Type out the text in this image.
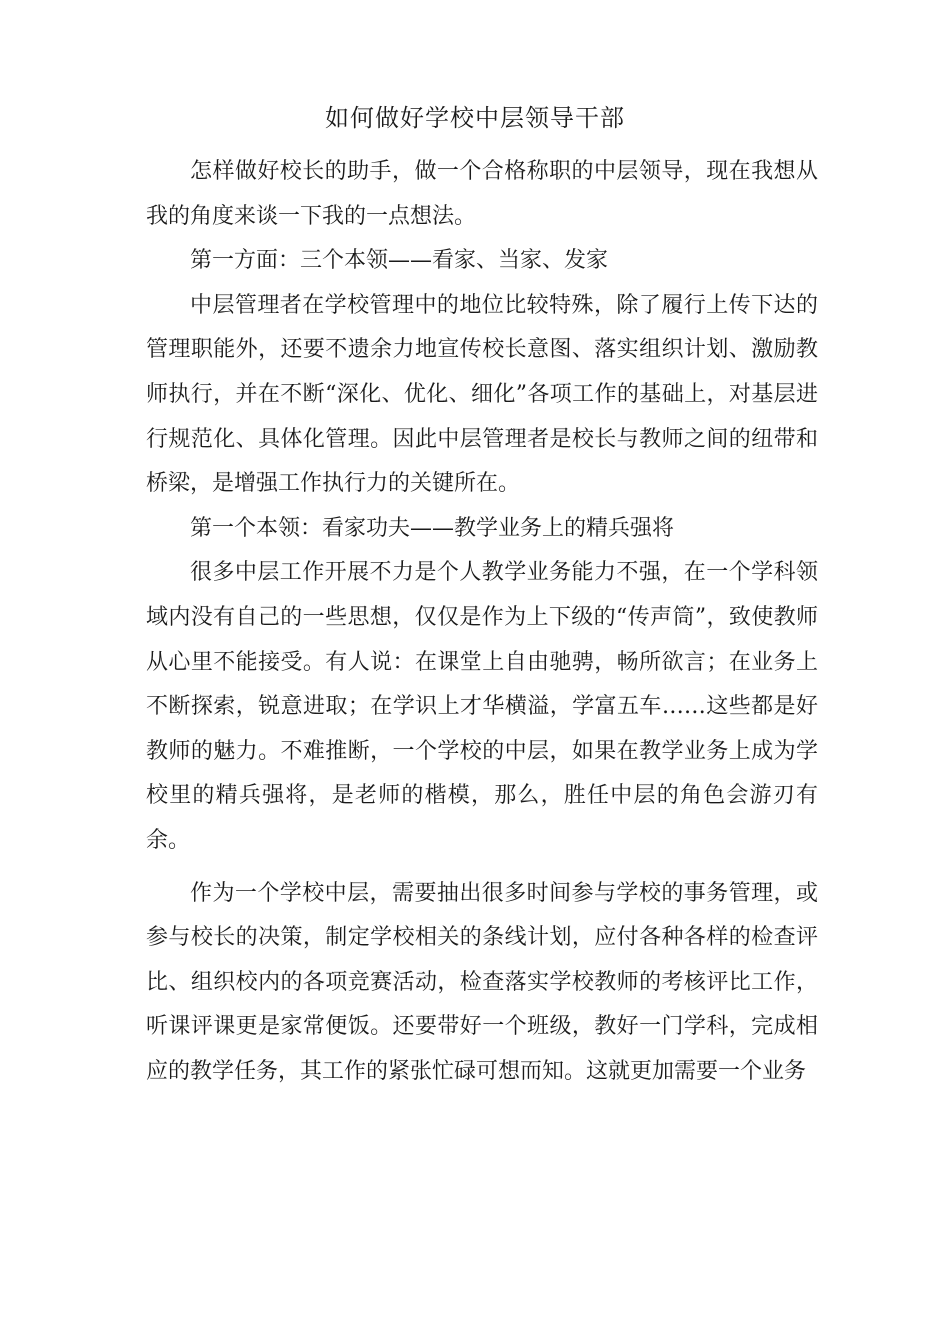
如何做好学校中层领导干部

怎样做好校长的助手，做一个合格称职的中层领导，现在我想从我的角度来谈一下我的一点想法。

第一方面：三个本领——看家、当家、发家

中层管理者在学校管理中的地位比较特殊，除了履行上传下达的管理职能外，还要不遗余力地宣传校长意图、落实组织计划、激励教师执行，并在不断“深化、优化、细化”各项工作的基础上，对基层进行规范化、具体化管理。因此中层管理者是校长与教师之间的纽带和桥梁，是增强工作执行力的关键所在。

第一个本领：看家功夫——教学业务上的精兵强将

很多中层工作开展不力是个人教学业务能力不强，在一个学科领域内没有自己的一些思想，仅仅是作为上下级的“传声筒”，致使教师从心里不能接受。有人说：在课堂上自由驰骋，畅所欲言；在业务上不断探索，锐意进取；在学识上才华横溢，学富五车……这些都是好教师的魅力。不难推断，一个学校的中层，如果在教学业务上成为学校里的精兵强将，是老师的楷模，那么，胜任中层的角色会游刃有余。

作为一个学校中层，需要抽出很多时间参与学校的事务管理，或参与校长的决策，制定学校相关的条线计划，应付各种各样的检查评比、组织校内的各项竞赛活动，检查落实学校教师的考核评比工作，听课评课更是家常便饭。还要带好一个班级，教好一门学科，完成相应的教学任务，其工作的紧张忙碌可想而知。这就更加需要一个业务
